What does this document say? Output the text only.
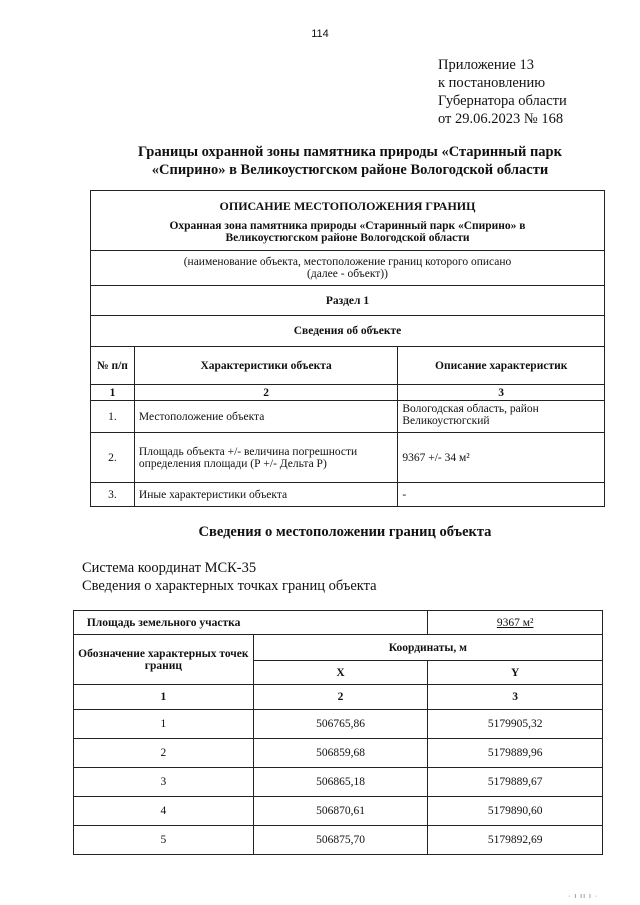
114
Приложение 13
к постановлению
Губернатора области
от 29.06.2023 № 168
Границы охранной зоны памятника природы «Старинный парк
«Спирино» в Великоустюгском районе Вологодской области
ОПИСАНИЕ МЕСТОПОЛОЖЕНИЯ ГРАНИЦ		

Охранная зона памятника природы «Старинный парк «Спирино» в
Великоустюгском районе Вологодской области		

(наименование объекта, местоположение границ которого описано
(далее - объект))		

Раздел 1		
Сведения об объекте		
№ п/п	Характеристики объекта	Описание характеристик
1	2	3
1.	Местоположение объекта	Вологодская область, район Великоустюгский
2.	Площадь объекта +/- величина погрешности определения площади (Р +/- Дельта Р)	9367 +/- 34 м²
3.	Иные характеристики объекта	-
Сведения о местоположении границ объекта
Система координат МСК-35
Сведения о характерных точках границ объекта
Площадь земельного участка		9367 м²
Обозначение характерных точек границ	Координаты, м	
	X	Y
1	2	3
1	506765,86	5179905,32
2	506859,68	5179889,96
3	506865,18	5179889,67
4	506870,61	5179890,60
5	506875,70	5179892,69
· ı ıı ı ·
